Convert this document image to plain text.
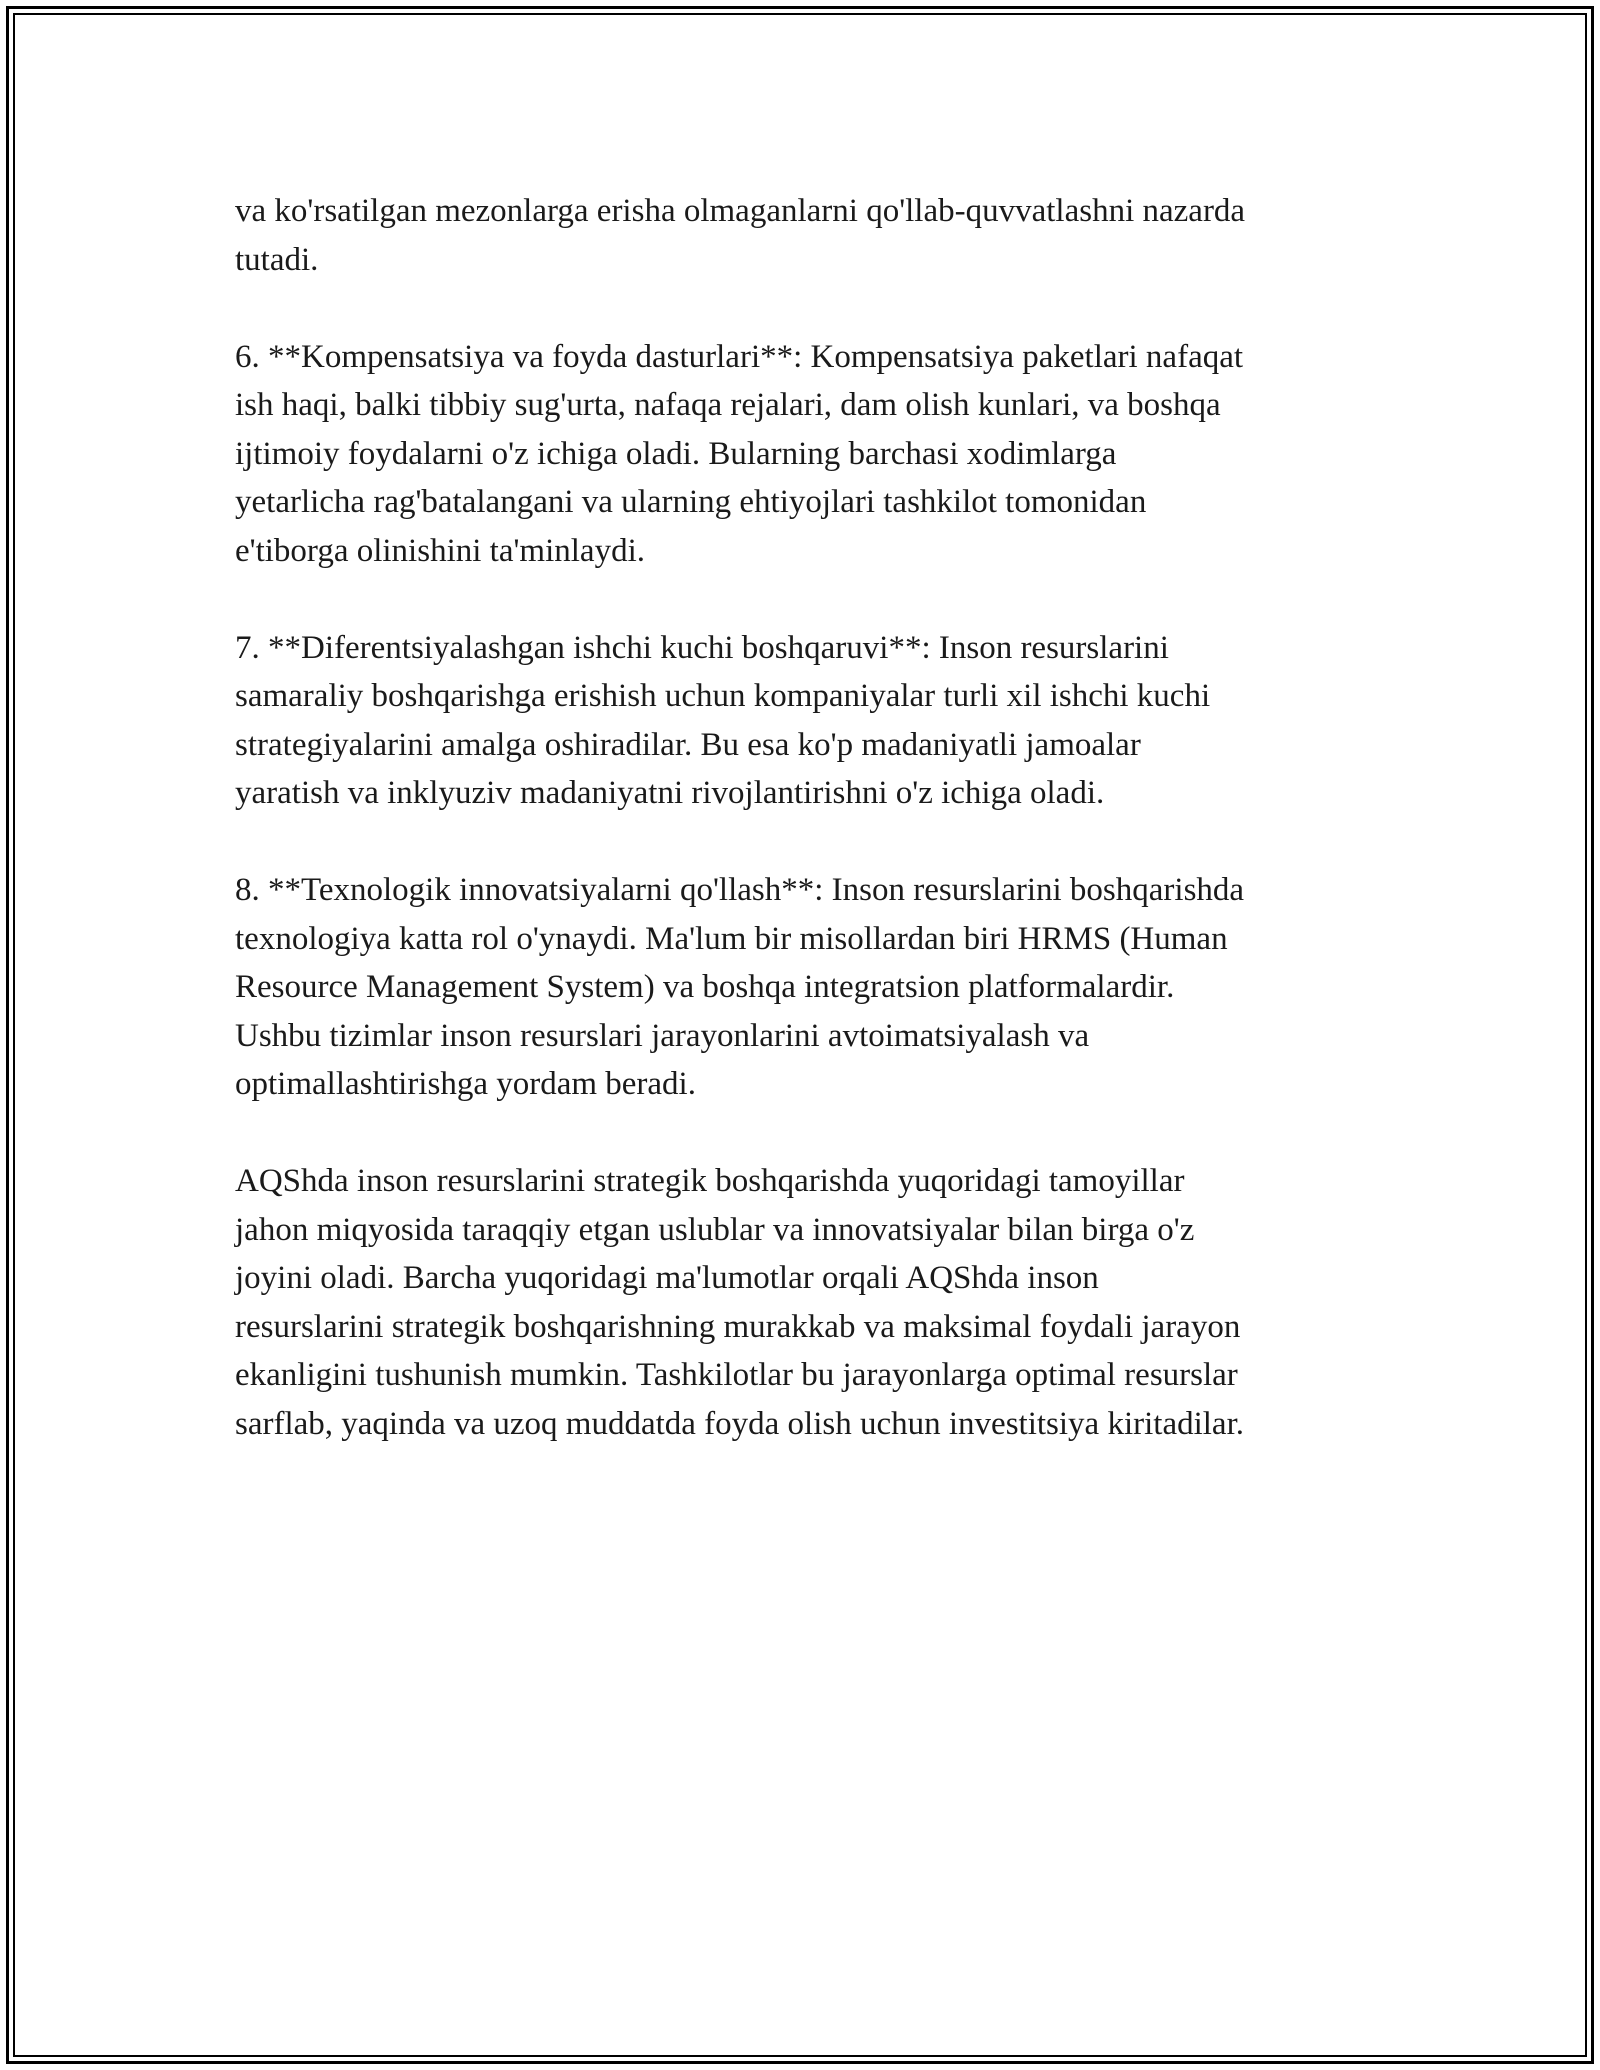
va ko'rsatilgan mezonlarga erisha olmaganlarni qo'llab-quvvatlashni nazarda
tutadi.

6. **Kompensatsiya va foyda dasturlari**: Kompensatsiya paketlari nafaqat
ish haqi, balki tibbiy sug'urta, nafaqa rejalari, dam olish kunlari, va boshqa
ijtimoiy foydalarni o'z ichiga oladi. Bularning barchasi xodimlarga
yetarlicha rag'batalangani va ularning ehtiyojlari tashkilot tomonidan
e'tiborga olinishini ta'minlaydi.

7. **Diferentsiyalashgan ishchi kuchi boshqaruvi**: Inson resurslarini
samaraliy boshqarishga erishish uchun kompaniyalar turli xil ishchi kuchi
strategiyalarini amalga oshiradilar. Bu esa ko'p madaniyatli jamoalar
yaratish va inklyuziv madaniyatni rivojlantirishni o'z ichiga oladi.

8. **Texnologik innovatsiyalarni qo'llash**: Inson resurslarini boshqarishda
texnologiya katta rol o'ynaydi. Ma'lum bir misollardan biri HRMS (Human
Resource Management System) va boshqa integratsion platformalardir.
Ushbu tizimlar inson resurslari jarayonlarini avtoimatsiyalash va
optimallashtirishga yordam beradi.

AQShda inson resurslarini strategik boshqarishda yuqoridagi tamoyillar
jahon miqyosida taraqqiy etgan uslublar va innovatsiyalar bilan birga o'z
joyini oladi. Barcha yuqoridagi ma'lumotlar orqali AQShda inson
resurslarini strategik boshqarishning murakkab va maksimal foydali jarayon
ekanligini tushunish mumkin. Tashkilotlar bu jarayonlarga optimal resurslar
sarflab, yaqinda va uzoq muddatda foyda olish uchun investitsiya kiritadilar.
